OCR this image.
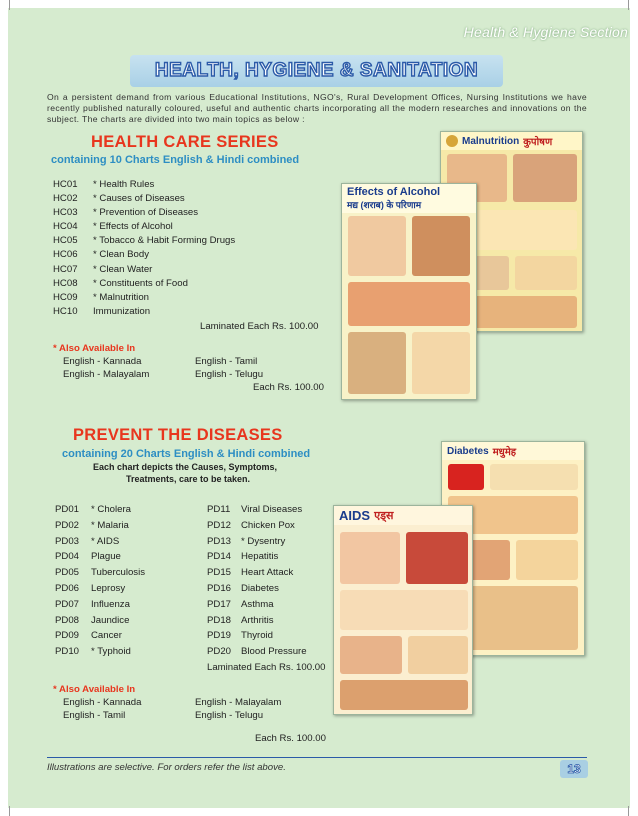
Health & Hygiene Section
HEALTH, HYGIENE & SANITATION

On a persistent demand from various Educational Institutions, NGO's, Rural Development Offices, Nursing Institutions we have recently published naturally coloured, useful and authentic charts incorporating all the modern researches and innovations on the subject. The charts are divided into two main topics as below :

HEALTH CARE SERIES
containing 10 Charts English & Hindi combined
HC01	* Health Rules
HC02	* Causes of Diseases
HC03	* Prevention of Diseases
HC04	* Effects of Alcohol
HC05	* Tobacco & Habit Forming Drugs
HC06	* Clean Body
HC07	* Clean Water
HC08	* Constituents of Food
HC09	* Malnutrition
HC10	Immunization
Laminated Each Rs. 100.00
* Also Available In
English - Kannada	English - Tamil
English - Malayalam	English - Telugu
Each Rs. 100.00
Malnutrition कुपोषण
Effects of Alcohol
मद्य (शराब) के परिणाम
PREVENT THE DISEASES
containing 20 Charts English & Hindi combined
Each chart depicts the Causes, Symptoms,
Treatments, care to be taken.
PD01	* Cholera
PD02	* Malaria
PD03	* AIDS
PD04	Plague
PD05	Tuberculosis
PD06	Leprosy
PD07	Influenza
PD08	Jaundice
PD09	Cancer
PD10	* Typhoid
PD11	Viral Diseases
PD12	Chicken Pox
PD13	* Dysentry
PD14	Hepatitis
PD15	Heart Attack
PD16	Diabetes
PD17	Asthma
PD18	Arthritis
PD19	Thyroid
PD20	Blood Pressure
Laminated Each Rs. 100.00
* Also Available In
English - Kannada	English - Malayalam
English - Tamil	English - Telugu
Each Rs. 100.00
Diabetes मधुमेह
AIDS एड्स
Illustrations are selective. For orders refer the list above.	13
